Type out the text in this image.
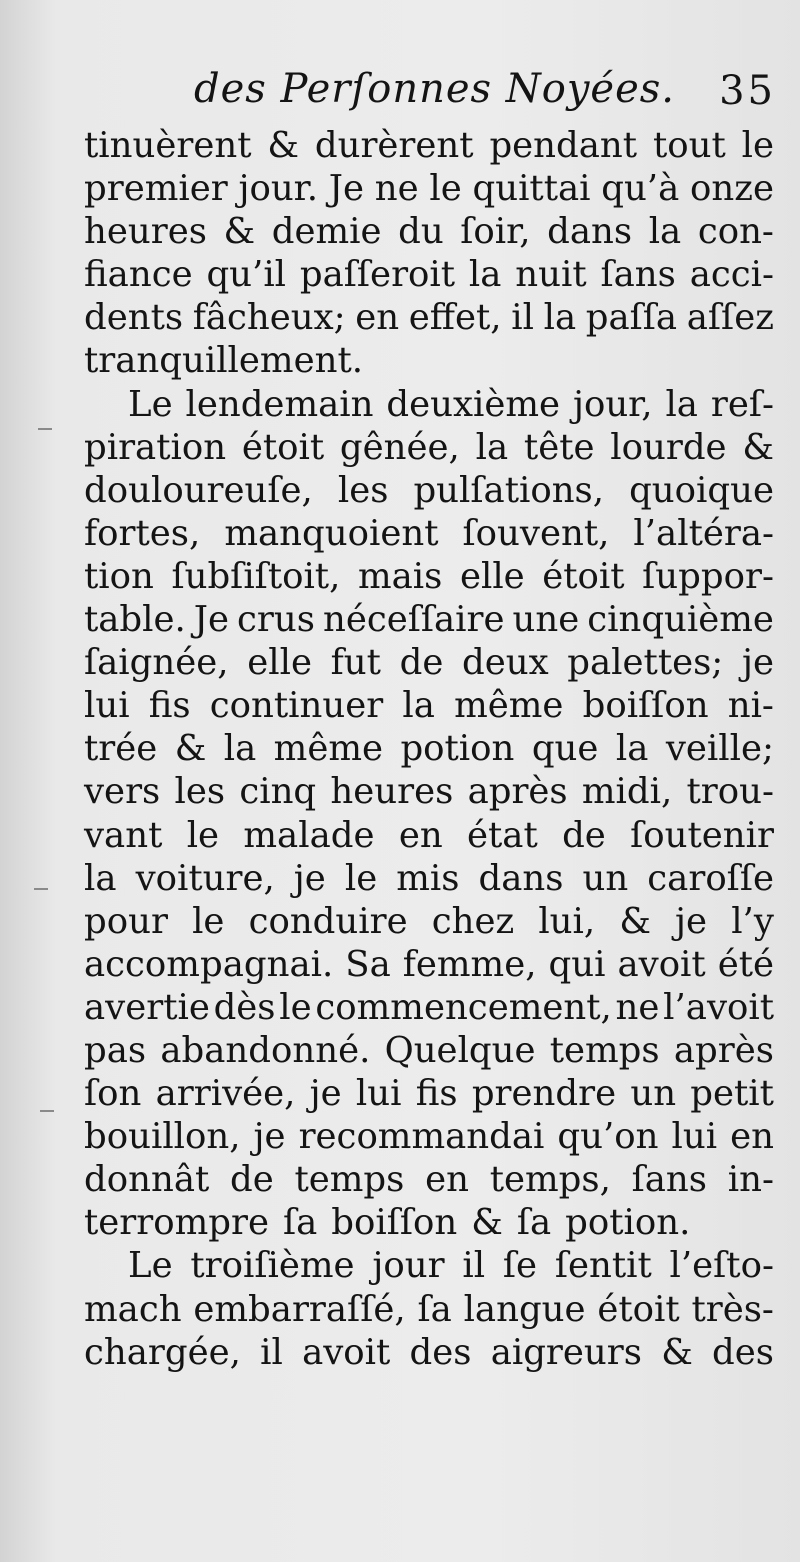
des Perſonnes Noyées. 35
tinuèrent & durèrent pendant tout le
premier jour. Je ne le quittai qu’à onze
heures & demie du ſoir, dans la con-
fiance qu’il paſſeroit la nuit ſans acci-
dents fâcheux; en effet, il la paſſa aſſez
tranquillement.
Le lendemain deuxième jour, la reſ-
piration étoit gênée, la tête lourde &
douloureuſe, les pulſations, quoique
fortes, manquoient ſouvent, l’altéra-
tion ſubſiſtoit, mais elle étoit ſuppor-
table. Je crus néceſſaire une cinquième
ſaignée, elle fut de deux palettes; je
lui fis continuer la même boiſſon ni-
trée & la même potion que la veille;
vers les cinq heures après midi, trou-
vant le malade en état de ſoutenir
la voiture, je le mis dans un caroſſe
pour le conduire chez lui, & je l’y
accompagnai. Sa femme, qui avoit été
avertie dès le commencement, ne l’avoit
pas abandonné. Quelque temps après
ſon arrivée, je lui fis prendre un petit
bouillon, je recommandai qu’on lui en
donnât de temps en temps, ſans in-
terrompre ſa boiſſon & ſa potion.
Le troiſième jour il ſe ſentit l’eſto-
mach embarraſſé, ſa langue étoit très-
chargée, il avoit des aigreurs & des
